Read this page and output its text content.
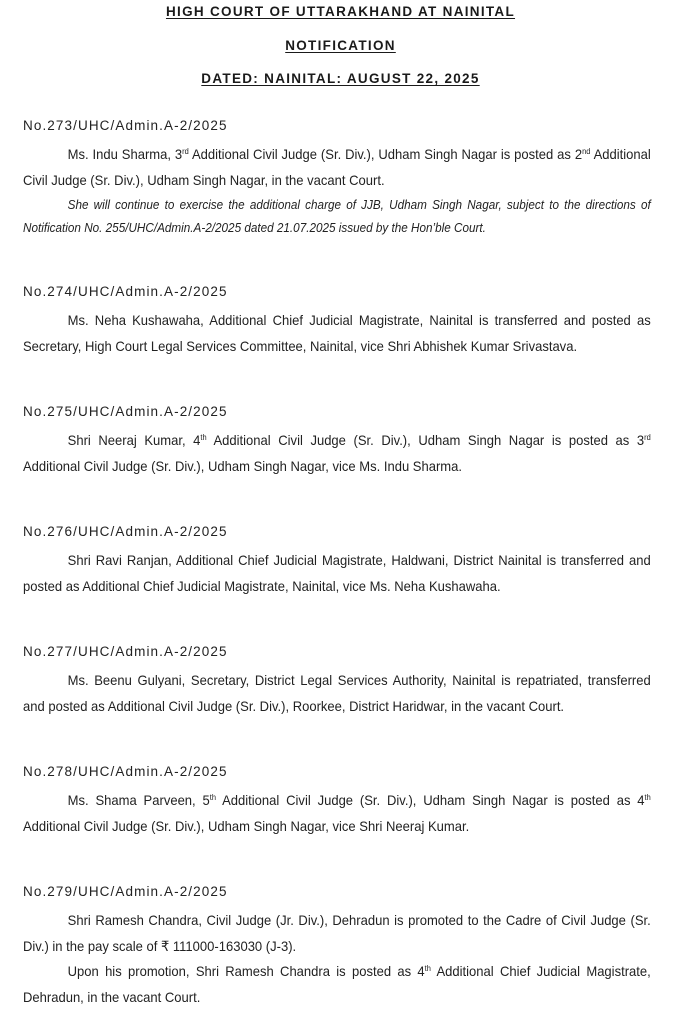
HIGH COURT OF UTTARAKHAND AT NAINITAL
NOTIFICATION
DATED: NAINITAL: AUGUST 22, 2025
No.273/UHC/Admin.A-2/2025
Ms. Indu Sharma, 3rd Additional Civil Judge (Sr. Div.), Udham Singh Nagar is posted as 2nd Additional Civil Judge (Sr. Div.), Udham Singh Nagar, in the vacant Court.
She will continue to exercise the additional charge of JJB, Udham Singh Nagar, subject to the directions of Notification No. 255/UHC/Admin.A-2/2025 dated 21.07.2025 issued by the Hon’ble Court.
No.274/UHC/Admin.A-2/2025
Ms. Neha Kushawaha, Additional Chief Judicial Magistrate, Nainital is transferred and posted as Secretary, High Court Legal Services Committee, Nainital, vice Shri Abhishek Kumar Srivastava.
No.275/UHC/Admin.A-2/2025
Shri Neeraj Kumar, 4th Additional Civil Judge (Sr. Div.), Udham Singh Nagar is posted as 3rd Additional Civil Judge (Sr. Div.), Udham Singh Nagar, vice Ms. Indu Sharma.
No.276/UHC/Admin.A-2/2025
Shri Ravi Ranjan, Additional Chief Judicial Magistrate, Haldwani, District Nainital is transferred and posted as Additional Chief Judicial Magistrate, Nainital, vice Ms. Neha Kushawaha.
No.277/UHC/Admin.A-2/2025
Ms. Beenu Gulyani, Secretary, District Legal Services Authority, Nainital is repatriated, transferred and posted as Additional Civil Judge (Sr. Div.), Roorkee, District Haridwar, in the vacant Court.
No.278/UHC/Admin.A-2/2025
Ms. Shama Parveen, 5th Additional Civil Judge (Sr. Div.), Udham Singh Nagar is posted as 4th Additional Civil Judge (Sr. Div.), Udham Singh Nagar, vice Shri Neeraj Kumar.
No.279/UHC/Admin.A-2/2025
Shri Ramesh Chandra, Civil Judge (Jr. Div.), Dehradun is promoted to the Cadre of Civil Judge (Sr. Div.) in the pay scale of ₹ 111000-163030 (J-3).
Upon his promotion, Shri Ramesh Chandra is posted as 4th Additional Chief Judicial Magistrate, Dehradun, in the vacant Court.
